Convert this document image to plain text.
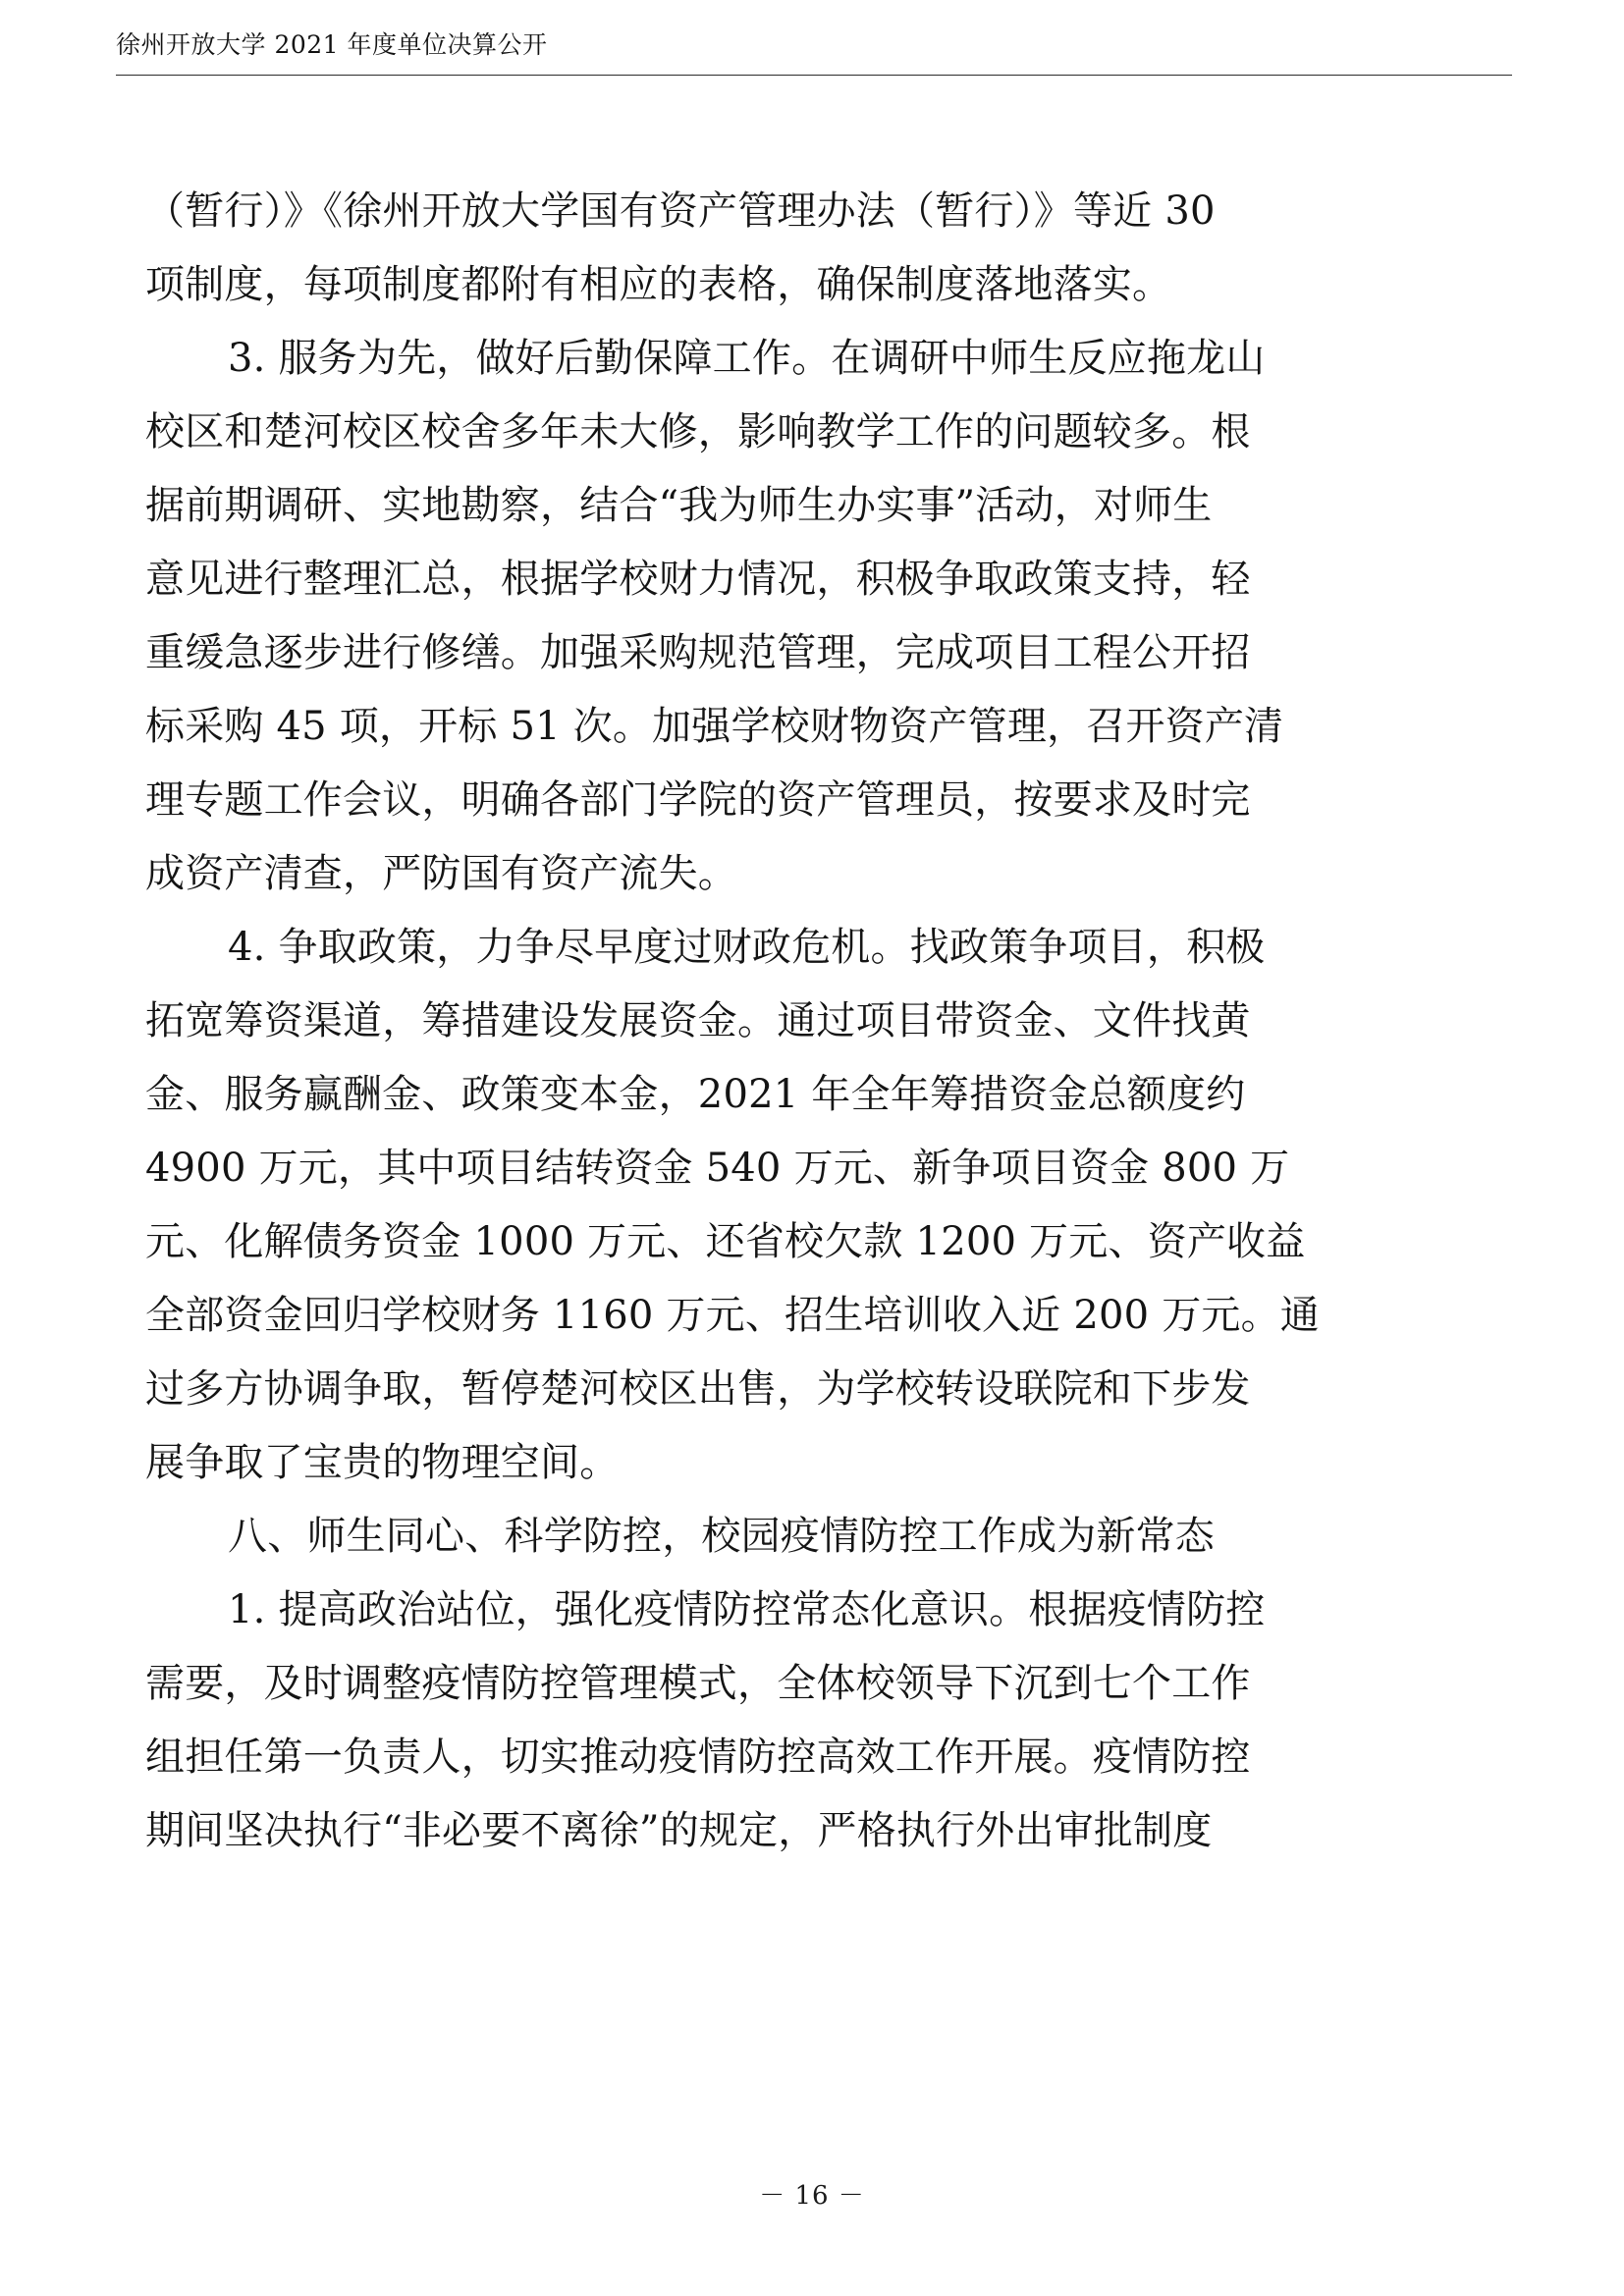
徐州开放大学 2021 年度单位决算公开
（暂行）》《徐州开放大学国有资产管理办法（暂行）》等近 30
项制度，每项制度都附有相应的表格，确保制度落地落实。
3. 服务为先，做好后勤保障工作。在调研中师生反应拖龙山
校区和楚河校区校舍多年未大修，影响教学工作的问题较多。根
据前期调研、实地勘察，结合“我为师生办实事”活动，对师生
意见进行整理汇总，根据学校财力情况，积极争取政策支持，轻
重缓急逐步进行修缮。加强采购规范管理，完成项目工程公开招
标采购 45 项，开标 51 次。加强学校财物资产管理，召开资产清
理专题工作会议，明确各部门学院的资产管理员，按要求及时完
成资产清查，严防国有资产流失。
4. 争取政策，力争尽早度过财政危机。找政策争项目，积极
拓宽筹资渠道，筹措建设发展资金。通过项目带资金、文件找黄
金、服务赢酬金、政策变本金，2021 年全年筹措资金总额度约
4900 万元，其中项目结转资金 540 万元、新争项目资金 800 万
元、化解债务资金 1000 万元、还省校欠款 1200 万元、资产收益
全部资金回归学校财务 1160 万元、招生培训收入近 200 万元。通
过多方协调争取，暂停楚河校区出售，为学校转设联院和下步发
展争取了宝贵的物理空间。
八、师生同心、科学防控，校园疫情防控工作成为新常态
1. 提高政治站位，强化疫情防控常态化意识。根据疫情防控
需要，及时调整疫情防控管理模式，全体校领导下沉到七个工作
组担任第一负责人，切实推动疫情防控高效工作开展。疫情防控
期间坚决执行“非必要不离徐”的规定，严格执行外出审批制度
－ 16 －
